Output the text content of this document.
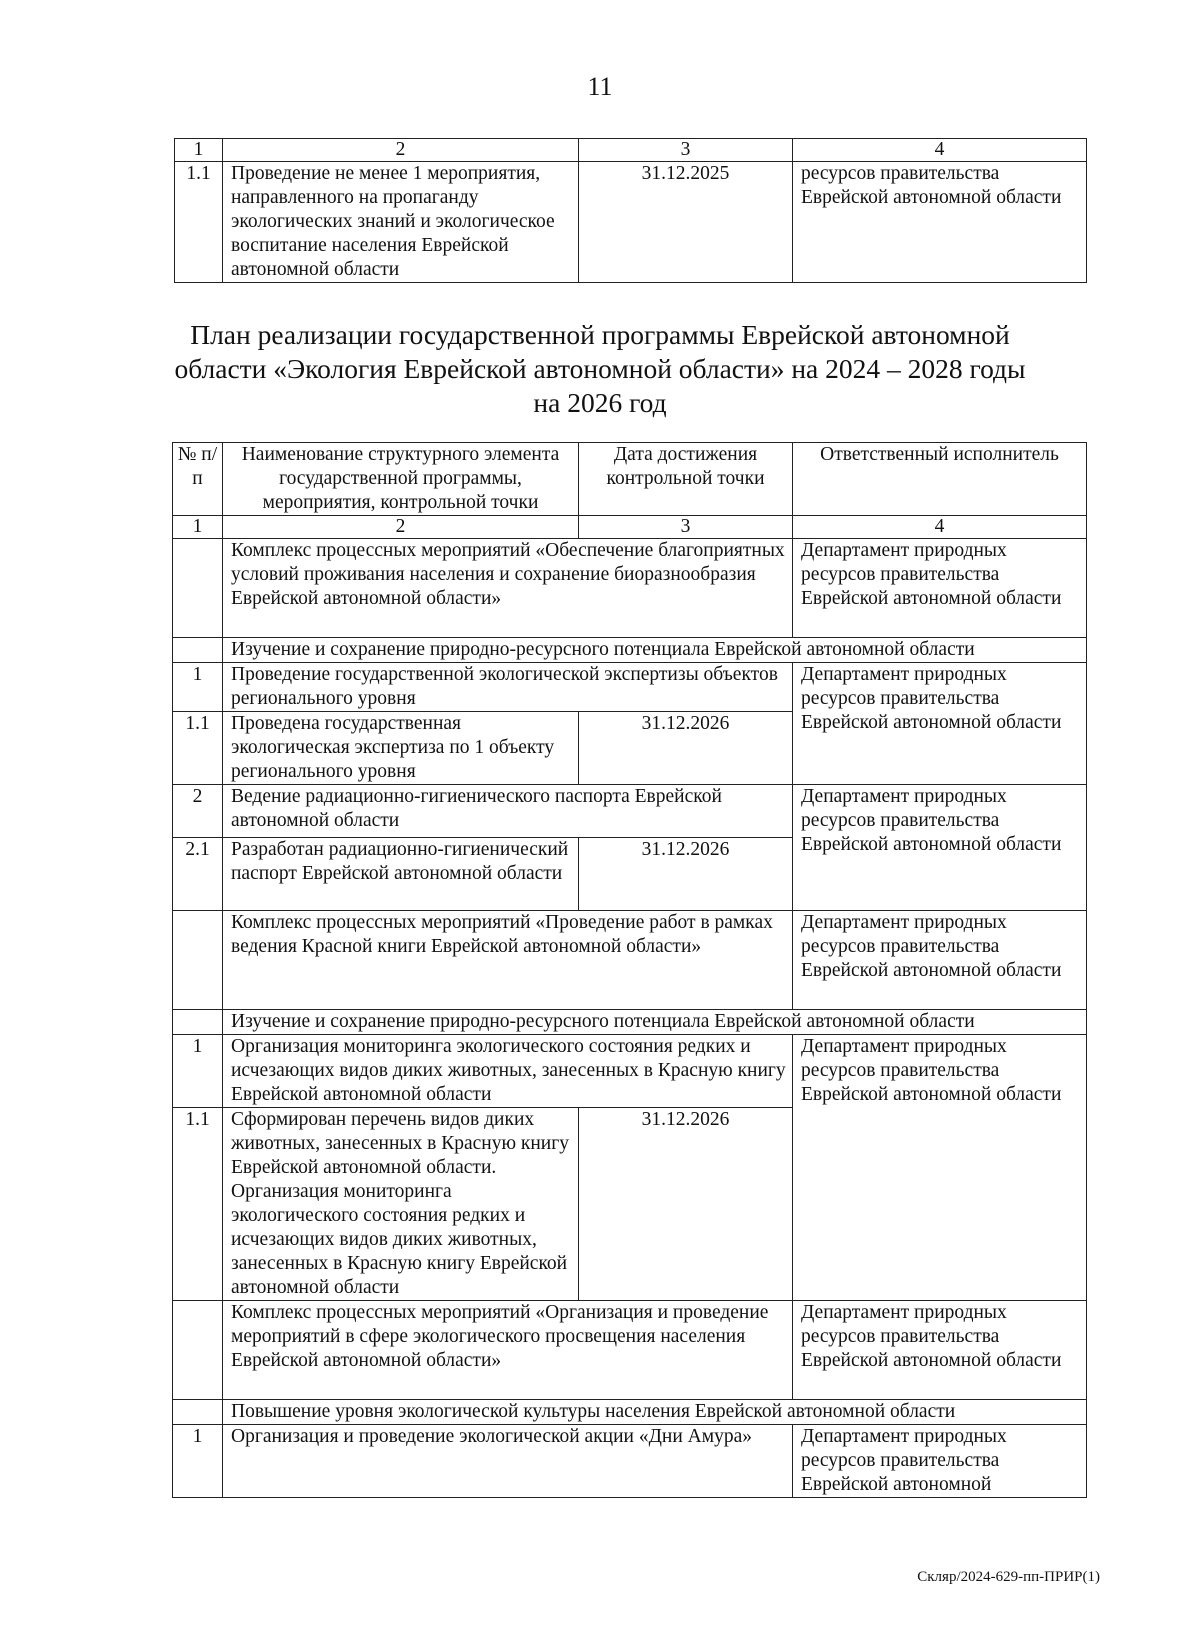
11
1	2	3	4
1.1	Проведение не менее 1 мероприятия, направленного на пропаганду экологических знаний и экологическое воспитание населения Еврейской автономной области	31.12.2025	ресурсов правительства Еврейской автономной области
План реализации государственной программы Еврейской автономной
области «Экология Еврейской автономной области» на 2024 – 2028 годы
на 2026 год
№ п/п	Наименование структурного элемента государственной программы, мероприятия, контрольной точки	Дата достижения контрольной точки	Ответственный исполнитель
1	2	3	4
	Комплекс процессных мероприятий «Обеспечение благоприятных условий проживания населения и сохранение биоразнообразия Еврейской автономной области»		Департамент природных ресурсов правительства Еврейской автономной области
	Изучение и сохранение природно-ресурсного потенциала Еврейской автономной области		
1	Проведение государственной экологической экспертизы объектов регионального уровня		Департамент природных ресурсов правительства Еврейской автономной области
1.1	Проведена государственная экологическая экспертиза по 1 объекту регионального уровня	31.12.2026	
2	Ведение радиационно-гигиенического паспорта Еврейской автономной области		Департамент природных ресурсов правительства Еврейской автономной области
2.1	Разработан радиационно-гигиенический паспорт Еврейской автономной области	31.12.2026	
	Комплекс процессных мероприятий «Проведение работ в рамках ведения Красной книги Еврейской автономной области»		Департамент природных ресурсов правительства Еврейской автономной области
	Изучение и сохранение природно-ресурсного потенциала Еврейской автономной области		
1	Организация мониторинга экологического состояния редких и исчезающих видов диких животных, занесенных в Красную книгу Еврейской автономной области		Департамент природных ресурсов правительства Еврейской автономной области
1.1	Сформирован перечень видов диких животных, занесенных в Красную книгу Еврейской автономной области. Организация мониторинга экологического состояния редких и исчезающих видов диких животных, занесенных в Красную книгу Еврейской автономной области	31.12.2026	
	Комплекс процессных мероприятий «Организация и проведение мероприятий в сфере экологического просвещения населения Еврейской автономной области»		Департамент природных ресурсов правительства Еврейской автономной области
	Повышение уровня экологической культуры населения Еврейской автономной области		
1	Организация и проведение экологической акции «Дни Амура»		Департамент природных ресурсов правительства Еврейской автономной
Скляр/2024-629-пп-ПРИР(1)
